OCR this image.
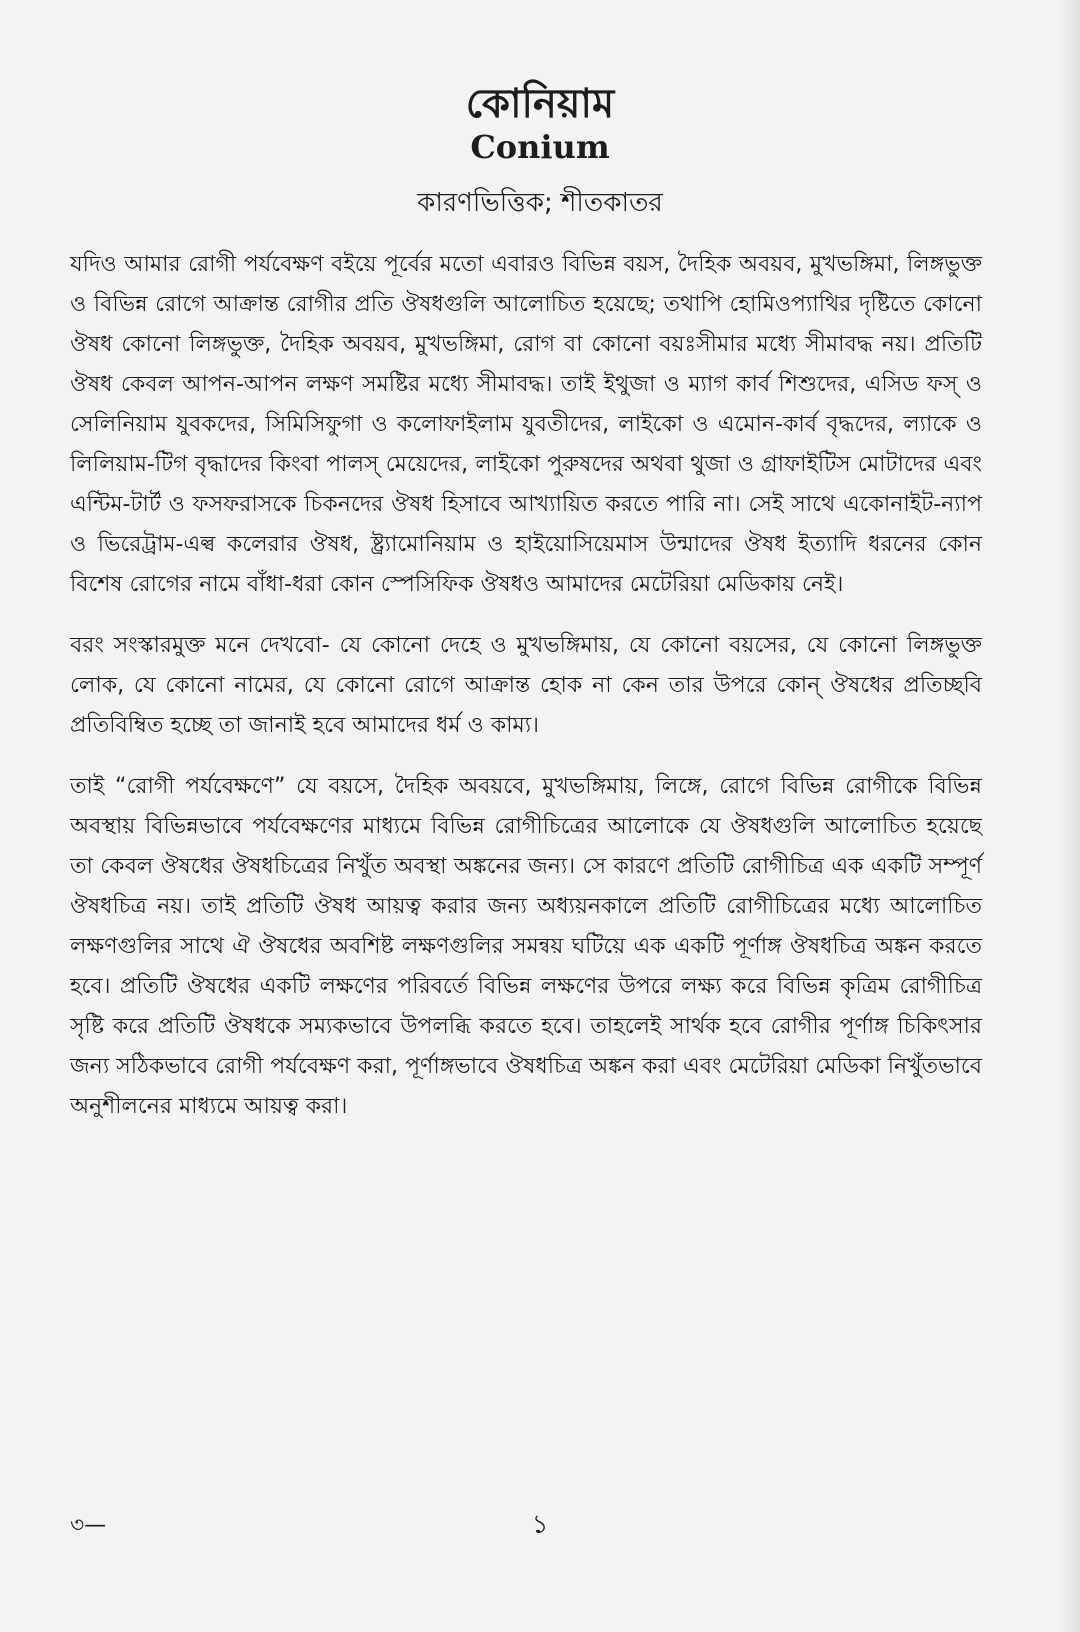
কোনিয়াম
Conium
কারণভিত্তিক; শীতকাতর

যদিও আমার রোগী পর্যবেক্ষণ বইয়ে পূর্বের মতো এবারও বিভিন্ন বয়স, দৈহিক অবয়ব, মুখভঙ্গিমা, লিঙ্গভুক্ত ও বিভিন্ন রোগে আক্রান্ত রোগীর প্রতি ঔষধগুলি আলোচিত হয়েছে; তথাপি হোমিওপ্যাথির দৃষ্টিতে কোনো ঔষধ কোনো লিঙ্গভুক্ত, দৈহিক অবয়ব, মুখভঙ্গিমা, রোগ বা কোনো বয়ঃসীমার মধ্যে সীমাবদ্ধ নয়। প্রতিটি ঔষধ কেবল আপন-আপন লক্ষণ সমষ্টির মধ্যে সীমাবদ্ধ। তাই ইথুজা ও ম্যাগ কার্ব শিশুদের, এসিড ফস্ ও সেলিনিয়াম যুবকদের, সিমিসিফুগা ও কলোফাইলাম যুবতীদের, লাইকো ও এমোন-কার্ব বৃদ্ধদের, ল্যাকে ও লিলিয়াম-টিগ বৃদ্ধাদের কিংবা পালস্ মেয়েদের, লাইকো পুরুষদের অথবা থুজা ও গ্রাফাইটিস মোটাদের এবং এন্টিম-টার্ট ও ফসফরাসকে চিকনদের ঔষধ হিসাবে আখ্যায়িত করতে পারি না। সেই সাথে একোনাইট-ন্যাপ ও ভিরেট্রাম-এল্ব কলেরার ঔষধ, ষ্ট্র্যামোনিয়াম ও হাইয়োসিয়েমাস উন্মাদের ঔষধ ইত্যাদি ধরনের কোন বিশেষ রোগের নামে বাঁধা-ধরা কোন স্পেসিফিক ঔষধও আমাদের মেটেরিয়া মেডিকায় নেই।

বরং সংস্কারমুক্ত মনে দেখবো- যে কোনো দেহে ও মুখভঙ্গিমায়, যে কোনো বয়সের, যে কোনো লিঙ্গভুক্ত লোক, যে কোনো নামের, যে কোনো রোগে আক্রান্ত হোক না কেন তার উপরে কোন্ ঔষধের প্রতিচ্ছবি প্রতিবিম্বিত হচ্ছে তা জানাই হবে আমাদের ধর্ম ও কাম্য।

তাই “রোগী পর্যবেক্ষণে” যে বয়সে, দৈহিক অবয়বে, মুখভঙ্গিমায়, লিঙ্গে, রোগে বিভিন্ন রোগীকে বিভিন্ন অবস্থায় বিভিন্নভাবে পর্যবেক্ষণের মাধ্যমে বিভিন্ন রোগীচিত্রের আলোকে যে ঔষধগুলি আলোচিত হয়েছে তা কেবল ঔষধের ঔষধচিত্রের নিখুঁত অবস্থা অঙ্কনের জন্য। সে কারণে প্রতিটি রোগীচিত্র এক একটি সম্পূর্ণ ঔষধচিত্র নয়। তাই প্রতিটি ঔষধ আয়ত্ব করার জন্য অধ্যয়নকালে প্রতিটি রোগীচিত্রের মধ্যে আলোচিত লক্ষণগুলির সাথে ঐ ঔষধের অবশিষ্ট লক্ষণগুলির সমন্বয় ঘটিয়ে এক একটি পূর্ণাঙ্গ ঔষধচিত্র অঙ্কন করতে হবে। প্রতিটি ঔষধের একটি লক্ষণের পরিবর্তে বিভিন্ন লক্ষণের উপরে লক্ষ্য করে বিভিন্ন কৃত্রিম রোগীচিত্র সৃষ্টি করে প্রতিটি ঔষধকে সম্যকভাবে উপলব্ধি করতে হবে। তাহলেই সার্থক হবে রোগীর পূর্ণাঙ্গ চিকিৎসার জন্য সঠিকভাবে রোগী পর্যবেক্ষণ করা, পূর্ণাঙ্গভাবে ঔষধচিত্র অঙ্কন করা এবং মেটেরিয়া মেডিকা নিখুঁতভাবে অনুশীলনের মাধ্যমে আয়ত্ব করা।

৩—	১
